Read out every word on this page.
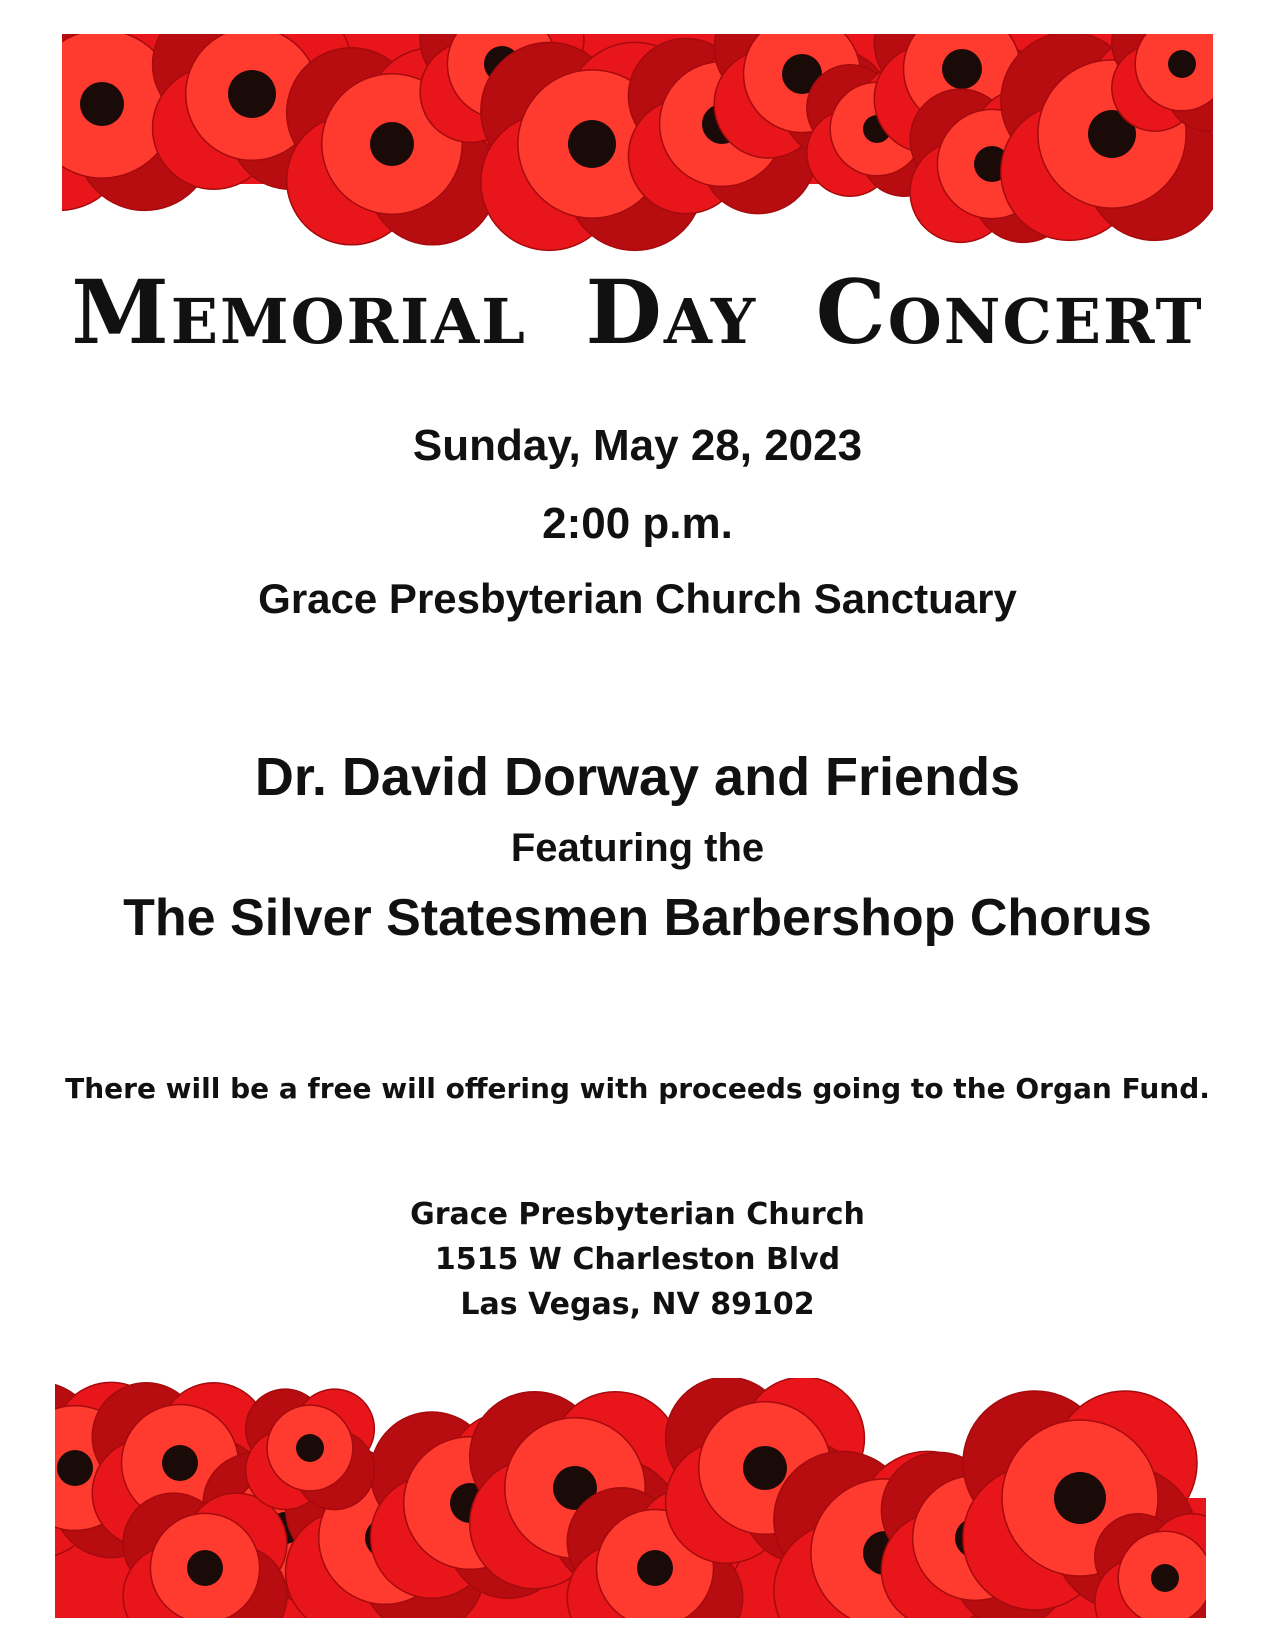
Memorial Day Concert
Sunday, May 28, 2023
2:00 p.m.
Grace Presbyterian Church Sanctuary
Dr. David Dorway and Friends
Featuring the
The Silver Statesmen Barbershop Chorus
There will be a free will offering with proceeds going to the Organ Fund.
Grace Presbyterian Church
1515 W Charleston Blvd
Las Vegas, NV 89102
